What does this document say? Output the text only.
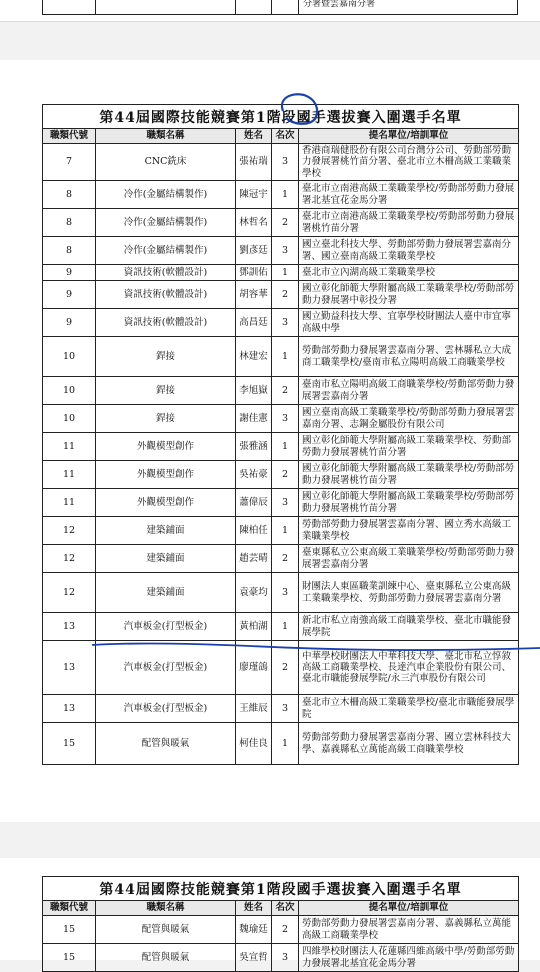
分署暨雲嘉南分署
第44屆國際技能競賽第1階段國手選拔賽入圍選手名單
職類代號	職類名稱	姓名	名次	提名單位/培訓單位
7	CNC銑床	張祐瑞	3	香港商瑞健股份有限公司台灣分公司、勞動部勞動力發展署桃竹苗分署、臺北市立木柵高級工業職業學校
8	冷作(金屬結構製作)	陳冠宇	1	臺北市立南港高級工業職業學校/勞動部勞動力發展署北基宜花金馬分署
8	冷作(金屬結構製作)	林哲名	2	臺北市立南港高級工業職業學校/勞動部勞動力發展署桃竹苗分署
8	冷作(金屬結構製作)	劉彥廷	3	國立臺北科技大學、勞動部勞動力發展署雲嘉南分署、國立臺南高級工業職業學校
9	資訊技術(軟體設計)	鄧訓佑	1	臺北市立內湖高級工業職業學校
9	資訊技術(軟體設計)	胡容華	2	國立彰化師範大學附屬高級工業職業學校/勞動部勞動力發展署中彰投分署
9	資訊技術(軟體設計)	高昌廷	3	國立勤益科技大學、宜寧學校財團法人臺中市宜寧高級中學
10	銲接	林建宏	1	勞動部勞動力發展署雲嘉南分署、雲林縣私立大成商工職業學校/臺南市私立陽明高級工商職業學校
10	銲接	李旭嶽	2	臺南市私立陽明高級工商職業學校/勞動部勞動力發展署雲嘉南分署
10	銲接	謝佳憲	3	國立臺南高級工業職業學校/勞動部勞動力發展署雲嘉南分署、志鋼金屬股份有限公司
11	外觀模型創作	張雅涵	1	國立彰化師範大學附屬高級工業職業學校、勞動部勞動力發展署桃竹苗分署
11	外觀模型創作	吳祐豪	2	國立彰化師範大學附屬高級工業職業學校/勞動部勞動力發展署桃竹苗分署
11	外觀模型創作	蕭偉辰	3	國立彰化師範大學附屬高級工業職業學校/勞動部勞動力發展署桃竹苗分署
12	建築鋪面	陳柏任	1	勞動部勞動力發展署雲嘉南分署、國立秀水高級工業職業學校
12	建築鋪面	趙芸晴	2	臺東縣私立公東高級工業職業學校/勞動部勞動力發展署雲嘉南分署
12	建築鋪面	袁豪均	3	財團法人東區職業訓練中心、臺東縣私立公東高級工業職業學校、勞動部勞動力發展署雲嘉南分署
13	汽車板金(打型板金)	黃柏湖	1	新北市私立南強高級工商職業學校、臺北市職能發展學院
13	汽車板金(打型板金)	廖瑾鴿	2	中華學校財團法人中華科技大學、臺北市私立惇敘高級工商職業學校、長達汽車企業股份有限公司、臺北市職能發展學院/永三汽車股份有限公司
13	汽車板金(打型板金)	王維辰	3	臺北市立木柵高級工業職業學校/臺北市職能發展學院
15	配管與暖氣	柯佳良	1	勞動部勞動力發展署雲嘉南分署、國立雲林科技大學、嘉義縣私立萬能高級工商職業學校
第44屆國際技能競賽第1階段國手選拔賽入圍選手名單
職類代號	職類名稱	姓名	名次	提名單位/培訓單位
15	配管與暖氣	魏瑜廷	2	勞動部勞動力發展署雲嘉南分署、嘉義縣私立萬能高級工商職業學校
15	配管與暖氣	吳宣哲	3	四維學校財團法人花蓮縣四維高級中學/勞動部勞動力發展署北基宜花金馬分署
